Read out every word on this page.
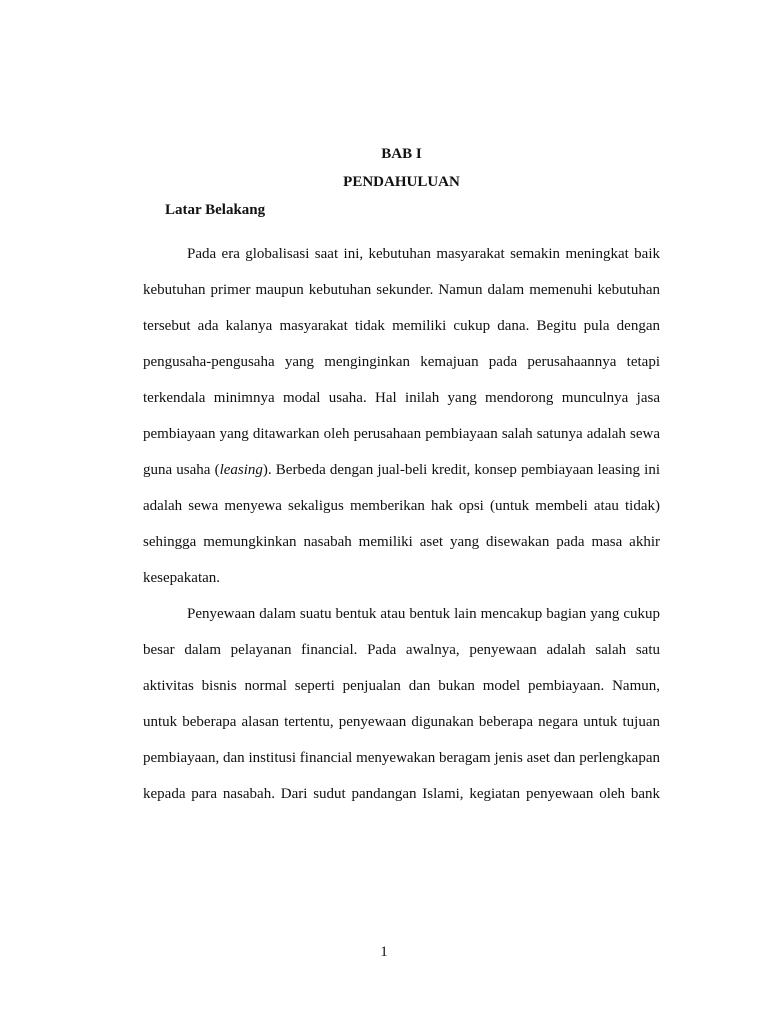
BAB I
PENDAHULUAN
Latar Belakang

Pada era globalisasi saat ini, kebutuhan masyarakat semakin meningkat baik
kebutuhan primer maupun kebutuhan sekunder. Namun dalam memenuhi kebutuhan
tersebut ada kalanya masyarakat tidak memiliki cukup dana. Begitu pula dengan
pengusaha-pengusaha yang menginginkan kemajuan pada perusahaannya tetapi
terkendala minimnya modal usaha. Hal inilah yang mendorong munculnya jasa
pembiayaan yang ditawarkan oleh perusahaan pembiayaan salah satunya adalah sewa
guna usaha (leasing). Berbeda dengan jual-beli kredit, konsep pembiayaan leasing ini
adalah sewa menyewa sekaligus memberikan hak opsi (untuk membeli atau tidak)
sehingga memungkinkan nasabah memiliki aset yang disewakan pada masa akhir
kesepakatan.

Penyewaan dalam suatu bentuk atau bentuk lain mencakup bagian yang cukup
besar dalam pelayanan financial. Pada awalnya, penyewaan adalah salah satu
aktivitas bisnis normal seperti penjualan dan bukan model pembiayaan. Namun,
untuk beberapa alasan tertentu, penyewaan digunakan beberapa negara untuk tujuan
pembiayaan, dan institusi financial menyewakan beragam jenis aset dan perlengkapan
kepada para nasabah. Dari sudut pandangan Islami, kegiatan penyewaan oleh bank

1
